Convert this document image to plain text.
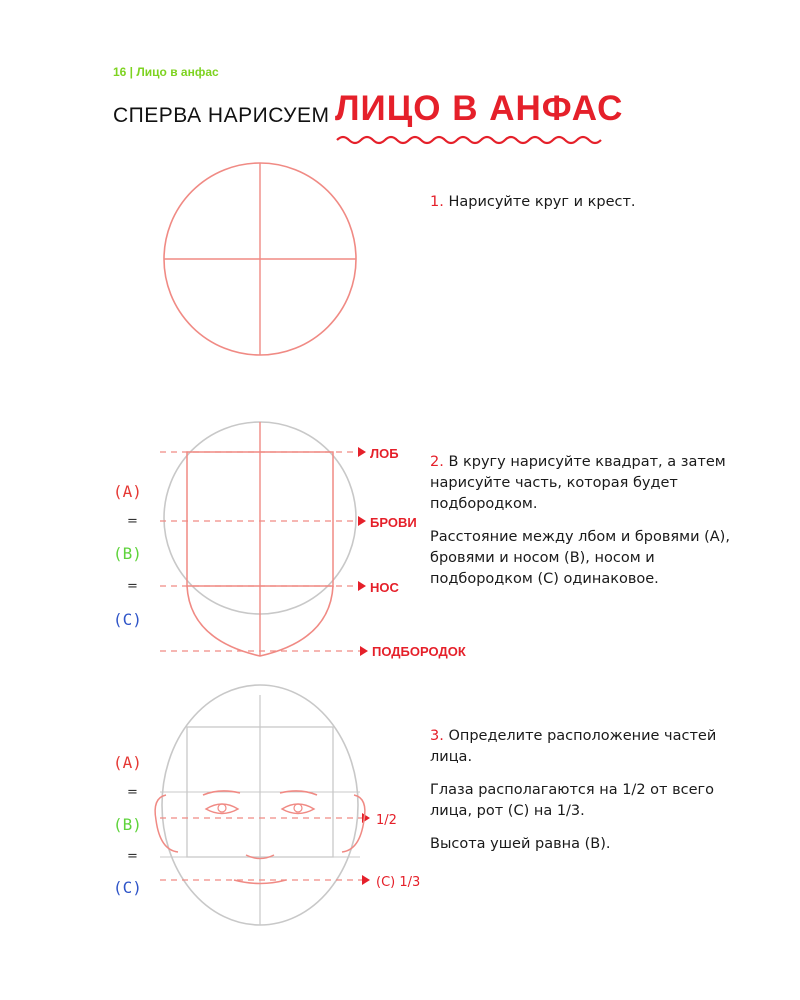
16 | Лицо в анфас
СПЕРВА НАРИСУЕМ ЛИЦО В АНФАС

1. Нарисуйте круг и крест.

ЛОБ
БРОВИ
НОС
ПОДБОРОДОК
(A)
=
(B)
=
(C)

2. В кругу нарисуйте квадрат, а затем нарисуйте часть, которая будет подбородком.

Расстояние между лбом и бровями (A), бровями и носом (B), носом и подбородком (C) одинаковое.

1/2
(C) 1/3
(A)
=
(B)
=
(C)

3. Определите расположение частей лица.

Глаза располагаются на 1/2 от всего лица, рот (C) на 1/3.

Высота ушей равна (B).
